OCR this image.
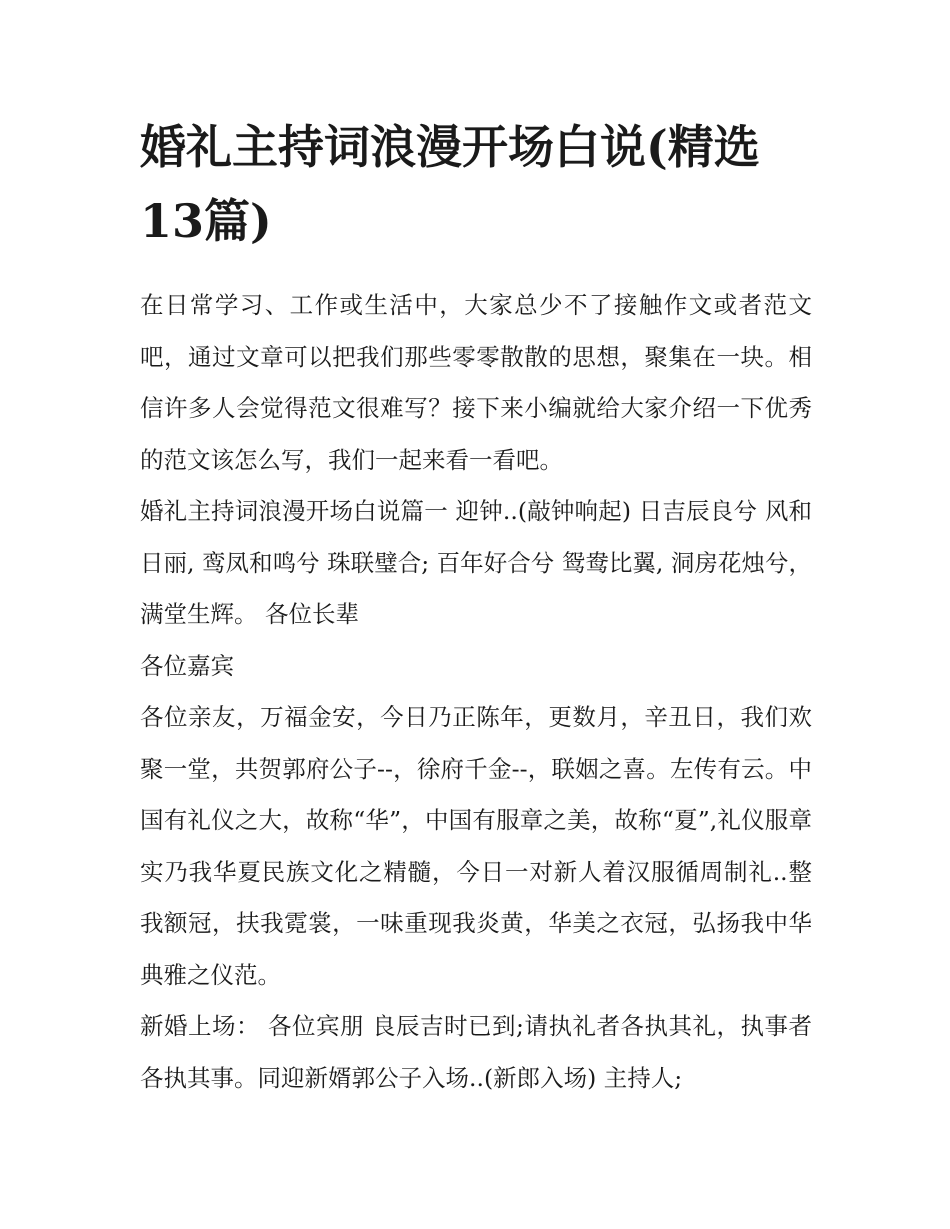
婚礼主持词浪漫开场白说(精选13篇)

在日常学习、工作或生活中，大家总少不了接触作文或者范文吧，通过文章可以把我们那些零零散散的思想，聚集在一块。相信许多人会觉得范文很难写？接下来小编就给大家介绍一下优秀的范文该怎么写，我们一起来看一看吧。

婚礼主持词浪漫开场白说篇一 迎钟..(敲钟响起) 日吉辰良兮 风和日丽, 鸾凤和鸣兮 珠联璧合; 百年好合兮 鸳鸯比翼, 洞房花烛兮，满堂生辉。 各位长辈

各位嘉宾

各位亲友，万福金安，今日乃正陈年，更数月，辛丑日，我们欢聚一堂，共贺郭府公子--，徐府千金--，联姻之喜。左传有云。中国有礼仪之大，故称“华”，中国有服章之美，故称“夏”,礼仪服章实乃我华夏民族文化之精髓，今日一对新人着汉服循周制礼..整我额冠，扶我霓裳，一味重现我炎黄，华美之衣冠，弘扬我中华典雅之仪范。

新婚上场： 各位宾朋 良辰吉时已到;请执礼者各执其礼，执事者各执其事。同迎新婿郭公子入场..(新郎入场) 主持人;
